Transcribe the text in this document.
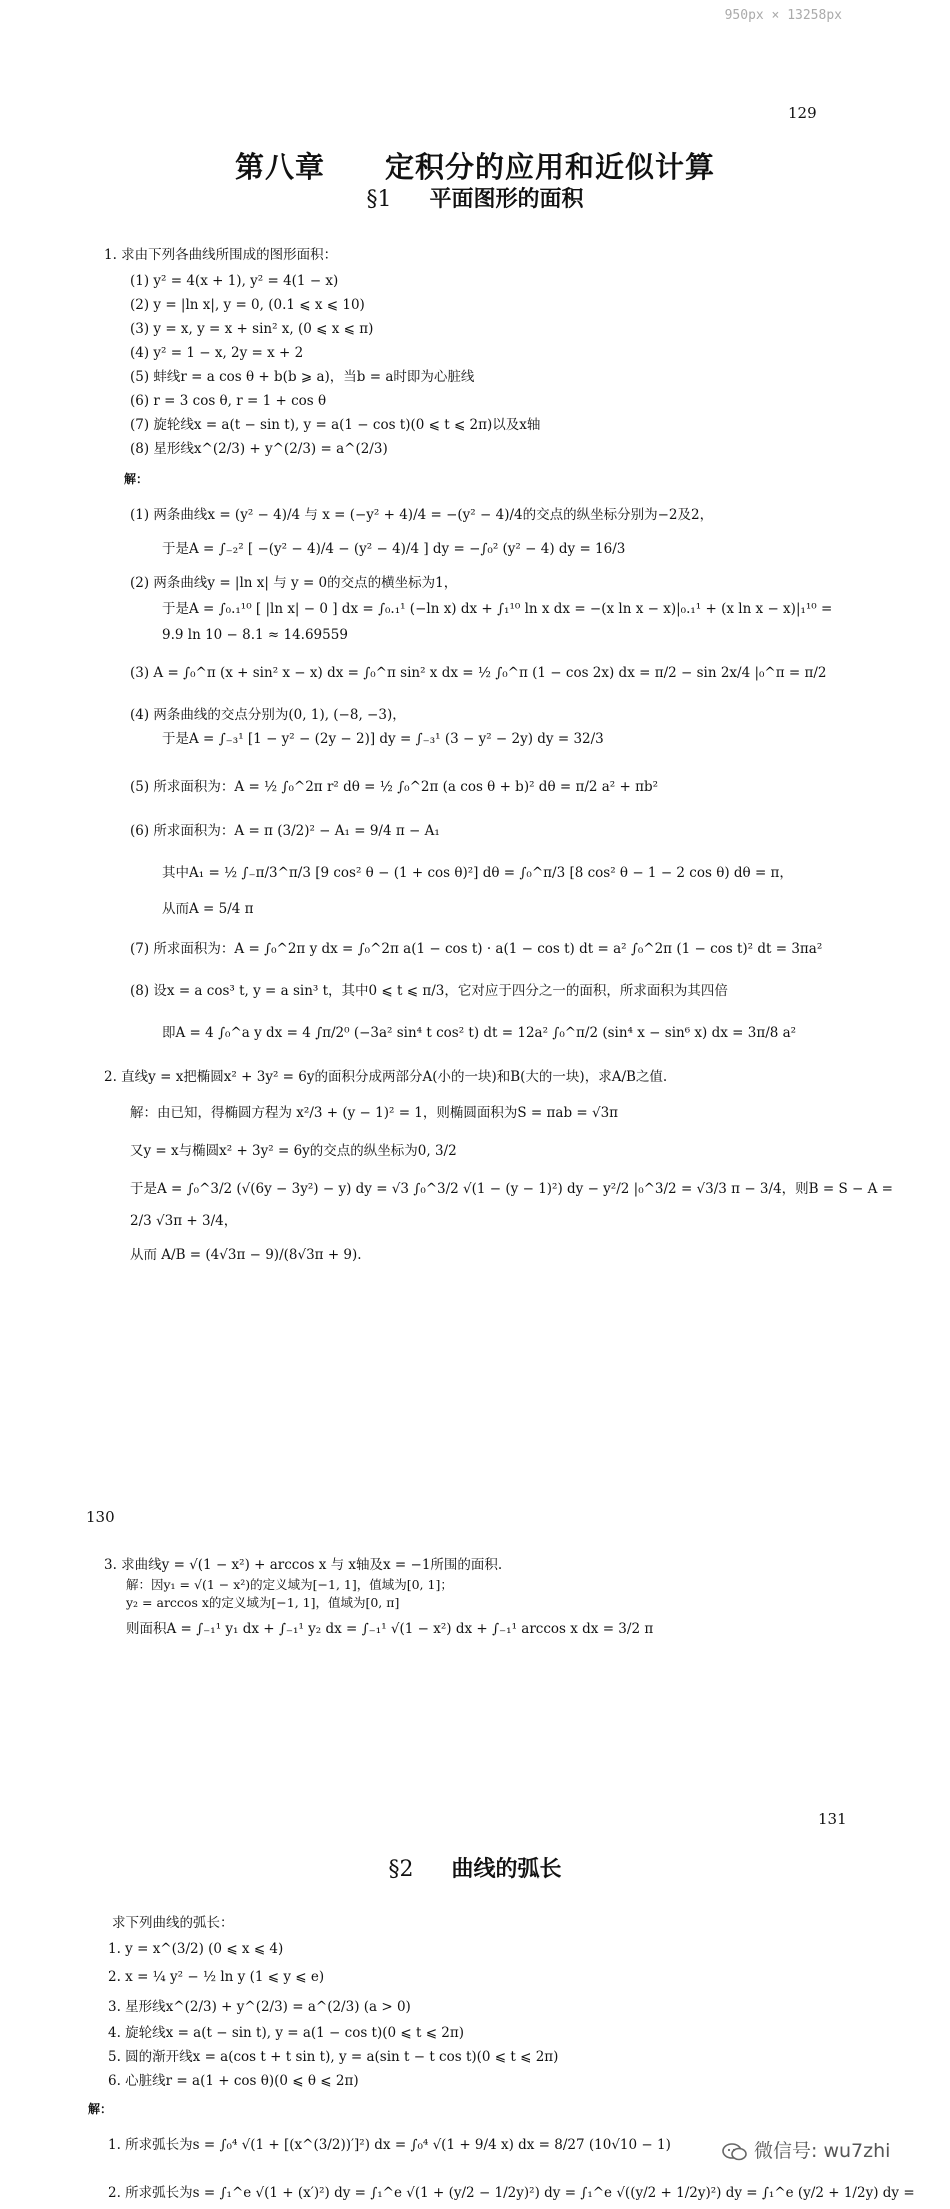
950px × 13258px
129
第八章　　定积分的应用和近似计算
§1 平面图形的面积
1. 求由下列各曲线所围成的图形面积：
(1) y² = 4(x + 1), y² = 4(1 − x)
(2) y = |ln x|, y = 0, (0.1 ⩽ x ⩽ 10)
(3) y = x, y = x + sin² x, (0 ⩽ x ⩽ π)
(4) y² = 1 − x, 2y = x + 2
(5) 蚌线r = a cos θ + b(b ⩾ a)，当b = a时即为心脏线
(6) r = 3 cos θ, r = 1 + cos θ
(7) 旋轮线x = a(t − sin t), y = a(1 − cos t)(0 ⩽ t ⩽ 2π)以及x轴
(8) 星形线x^(2/3) + y^(2/3) = a^(2/3)
解：
(1) 两条曲线x = (y² − 4)/4 与 x = (−y² + 4)/4 = −(y² − 4)/4的交点的纵坐标分别为−2及2，
于是A = ∫₋₂² [ −(y² − 4)/4 − (y² − 4)/4 ] dy = −∫₀² (y² − 4) dy = 16/3
(2) 两条曲线y = |ln x| 与 y = 0的交点的横坐标为1，
于是A = ∫₀.₁¹⁰ [ |ln x| − 0 ] dx = ∫₀.₁¹ (−ln x) dx + ∫₁¹⁰ ln x dx = −(x ln x − x)|₀.₁¹ + (x ln x − x)|₁¹⁰ =
9.9 ln 10 − 8.1 ≈ 14.69559
(3) A = ∫₀^π (x + sin² x − x) dx = ∫₀^π sin² x dx = ½ ∫₀^π (1 − cos 2x) dx = π/2 − sin 2x/4 |₀^π = π/2
(4) 两条曲线的交点分别为(0, 1), (−8, −3)，
于是A = ∫₋₃¹ [1 − y² − (2y − 2)] dy = ∫₋₃¹ (3 − y² − 2y) dy = 32/3
(5) 所求面积为：A = ½ ∫₀^2π r² dθ = ½ ∫₀^2π (a cos θ + b)² dθ = π/2 a² + πb²
(6) 所求面积为：A = π (3/2)² − A₁ = 9/4 π − A₁
其中A₁ = ½ ∫₋π/3^π/3 [9 cos² θ − (1 + cos θ)²] dθ = ∫₀^π/3 [8 cos² θ − 1 − 2 cos θ) dθ = π，
从而A = 5/4 π
(7) 所求面积为：A = ∫₀^2π y dx = ∫₀^2π a(1 − cos t) · a(1 − cos t) dt = a² ∫₀^2π (1 − cos t)² dt = 3πa²
(8) 设x = a cos³ t, y = a sin³ t，其中0 ⩽ t ⩽ π/3，它对应于四分之一的面积，所求面积为其四倍
即A = 4 ∫₀^a y dx = 4 ∫π/2⁰ (−3a² sin⁴ t cos² t) dt = 12a² ∫₀^π/2 (sin⁴ x − sin⁶ x) dx = 3π/8 a²
2. 直线y = x把椭圆x² + 3y² = 6y的面积分成两部分A(小的一块)和B(大的一块)，求A/B之值.
解：由已知，得椭圆方程为 x²/3 + (y − 1)² = 1，则椭圆面积为S = πab = √3π
又y = x与椭圆x² + 3y² = 6y的交点的纵坐标为0, 3/2
于是A = ∫₀^3/2 (√(6y − 3y²) − y) dy = √3 ∫₀^3/2 √(1 − (y − 1)²) dy − y²/2 |₀^3/2 = √3/3 π − 3/4，则B = S − A =
2/3 √3π + 3/4，
从而 A/B = (4√3π − 9)/(8√3π + 9).
130
3. 求曲线y = √(1 − x²) + arccos x 与 x轴及x = −1所围的面积.
解：因y₁ = √(1 − x²)的定义域为[−1, 1]，值域为[0, 1]；
y₂ = arccos x的定义域为[−1, 1]，值域为[0, π]
则面积A = ∫₋₁¹ y₁ dx + ∫₋₁¹ y₂ dx = ∫₋₁¹ √(1 − x²) dx + ∫₋₁¹ arccos x dx = 3/2 π
131
§2 曲线的弧长
求下列曲线的弧长：
1. y = x^(3/2) (0 ⩽ x ⩽ 4)
2. x = ¼ y² − ½ ln y (1 ⩽ y ⩽ e)
3. 星形线x^(2/3) + y^(2/3) = a^(2/3) (a > 0)
4. 旋轮线x = a(t − sin t), y = a(1 − cos t)(0 ⩽ t ⩽ 2π)
5. 圆的渐开线x = a(cos t + t sin t), y = a(sin t − t cos t)(0 ⩽ t ⩽ 2π)
6. 心脏线r = a(1 + cos θ)(0 ⩽ θ ⩽ 2π)
解：
1. 所求弧长为s = ∫₀⁴ √(1 + [(x^(3/2))′]²) dx = ∫₀⁴ √(1 + 9/4 x) dx = 8/27 (10√10 − 1)
2. 所求弧长为s = ∫₁^e √(1 + (x′)²) dy = ∫₁^e √(1 + (y/2 − 1/2y)²) dy = ∫₁^e √((y/2 + 1/2y)²) dy = ∫₁^e (y/2 + 1/2y) dy =
微信号: wu7zhi
